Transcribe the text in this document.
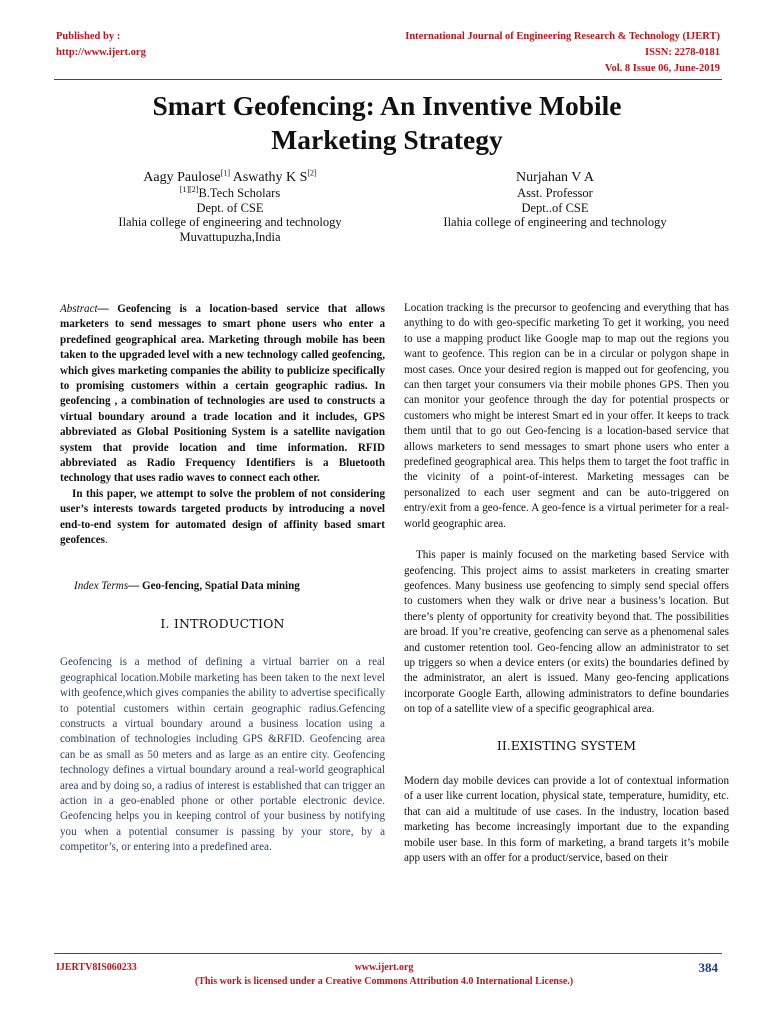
Published by :
http://www.ijert.org
International Journal of Engineering Research & Technology (IJERT)
ISSN: 2278-0181
Vol. 8 Issue 06, June-2019
Smart Geofencing: An Inventive Mobile
Marketing Strategy
Aagy Paulose[1] Aswathy K S[2]
[1][2]B.Tech Scholars
Dept. of CSE
Ilahia college of engineering and technology
Muvattupuzha,India
Nurjahan V A
Asst. Professor
Dept..of CSE
Ilahia college of engineering and technology

Abstract— Geofencing is a location-based service that allows marketers to send messages to smart phone users who enter a predefined geographical area. Marketing through mobile has been taken to the upgraded level with a new technology called geofencing, which gives marketing companies the ability to publicize specifically to promising customers within a certain geographic radius. In geofencing , a combination of technologies are used to constructs a virtual boundary around a trade location and it includes, GPS abbreviated as Global Positioning System is a satellite navigation system that provide location and time information. RFID abbreviated as Radio Frequency Identifiers is a Bluetooth technology that uses radio waves to connect each other.

In this paper, we attempt to solve the problem of not considering user’s interests towards targeted products by introducing a novel end-to-end system for automated design of affinity based smart geofences.

Index Terms— Geo-fencing, Spatial Data mining

I. INTRODUCTION

Geofencing is a method of defining a virtual barrier on a real geographical location.Mobile marketing has been taken to the next level with geofence,which gives companies the ability to advertise specifically to potential customers within certain geographic radius.Gefencing constructs a virtual boundary around a business location using a combination of technologies including GPS &RFID. Geofencing area can be as small as 50 meters and as large as an entire city. Geofencing technology defines a virtual boundary around a real-world geographical area and by doing so, a radius of interest is established that can trigger an action in a geo-enabled phone or other portable electronic device. Geofencing helps you in keeping control of your business by notifying you when a potential consumer is passing by your store, by a competitor’s, or entering into a predefined area.

Location tracking is the precursor to geofencing and everything that has anything to do with geo-specific marketing To get it working, you need to use a mapping product like Google map to map out the regions you want to geofence. This region can be in a circular or polygon shape in most cases. Once your desired region is mapped out for geofencing, you can then target your consumers via their mobile phones GPS. Then you can monitor your geofence through the day for potential prospects or customers who might be interest Smart ed in your offer. It keeps to track them until that to go out Geo-fencing is a location-based service that allows marketers to send messages to smart phone users who enter a predefined geographical area. This helps them to target the foot traffic in the vicinity of a point-of-interest. Marketing messages can be personalized to each user segment and can be auto-triggered on entry/exit from a geo-fence. A geo-fence is a virtual perimeter for a real-world geographic area.

This paper is mainly focused on the marketing based Service with geofencing. This project aims to assist marketers in creating smarter geofences. Many business use geofencing to simply send special offers to customers when they walk or drive near a business’s location. But there’s plenty of opportunity for creativity beyond that. The possibilities are broad. If you’re creative, geofencing can serve as a phenomenal sales and customer retention tool. Geo-fencing allow an administrator to set up triggers so when a device enters (or exits) the boundaries defined by the administrator, an alert is issued. Many geo-fencing applications incorporate Google Earth, allowing administrators to define boundaries on top of a satellite view of a specific geographical area.

II.EXISTING SYSTEM

Modern day mobile devices can provide a lot of contextual information of a user like current location, physical state, temperature, humidity, etc. that can aid a multitude of use cases. In the industry, location based marketing has become increasingly important due to the expanding mobile user base. In this form of marketing, a brand targets it’s mobile app users with an offer for a product/service, based on their

IJERTV8IS060233	www.ijert.org
(This work is licensed under a Creative Commons Attribution 4.0 International License.)
384
